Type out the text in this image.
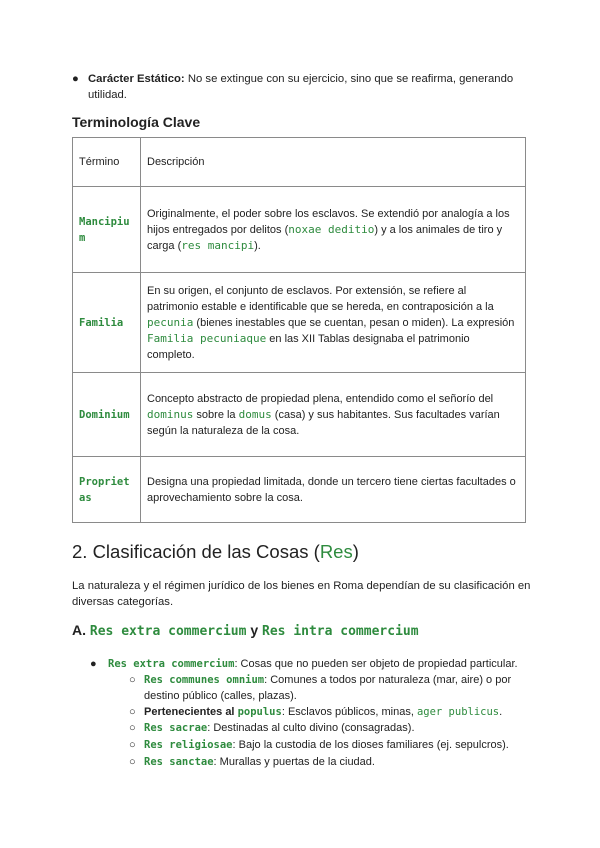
● Carácter Estático: No se extingue con su ejercicio, sino que se reafirma, generando utilidad.
Terminología Clave
Término	Descripción
Mancipium	Originalmente, el poder sobre los esclavos. Se extendió por analogía a los hijos entregados por delitos (noxae deditio) y a los animales de tiro y carga (res mancipi).
Familia	En su origen, el conjunto de esclavos. Por extensión, se refiere al patrimonio estable e identificable que se hereda, en contraposición a la pecunia (bienes inestables que se cuentan, pesan o miden). La expresión Familia pecuniaque en las XII Tablas designaba el patrimonio completo.
Dominium	Concepto abstracto de propiedad plena, entendido como el señorío del dominus sobre la domus (casa) y sus habitantes. Sus facultades varían según la naturaleza de la cosa.
Proprietas	Designa una propiedad limitada, donde un tercero tiene ciertas facultades o aprovechamiento sobre la cosa.
2. Clasificación de las Cosas (Res)
La naturaleza y el régimen jurídico de los bienes en Roma dependían de su clasificación en diversas categorías.
A. Res extra commercium y Res intra commercium
● Res extra commercium: Cosas que no pueden ser objeto de propiedad particular.
○ Res communes omnium: Comunes a todos por naturaleza (mar, aire) o por destino público (calles, plazas).
○ Pertenecientes al populus: Esclavos públicos, minas, ager publicus.
○ Res sacrae: Destinadas al culto divino (consagradas).
○ Res religiosae: Bajo la custodia de los dioses familiares (ej. sepulcros).
○ Res sanctae: Murallas y puertas de la ciudad.
